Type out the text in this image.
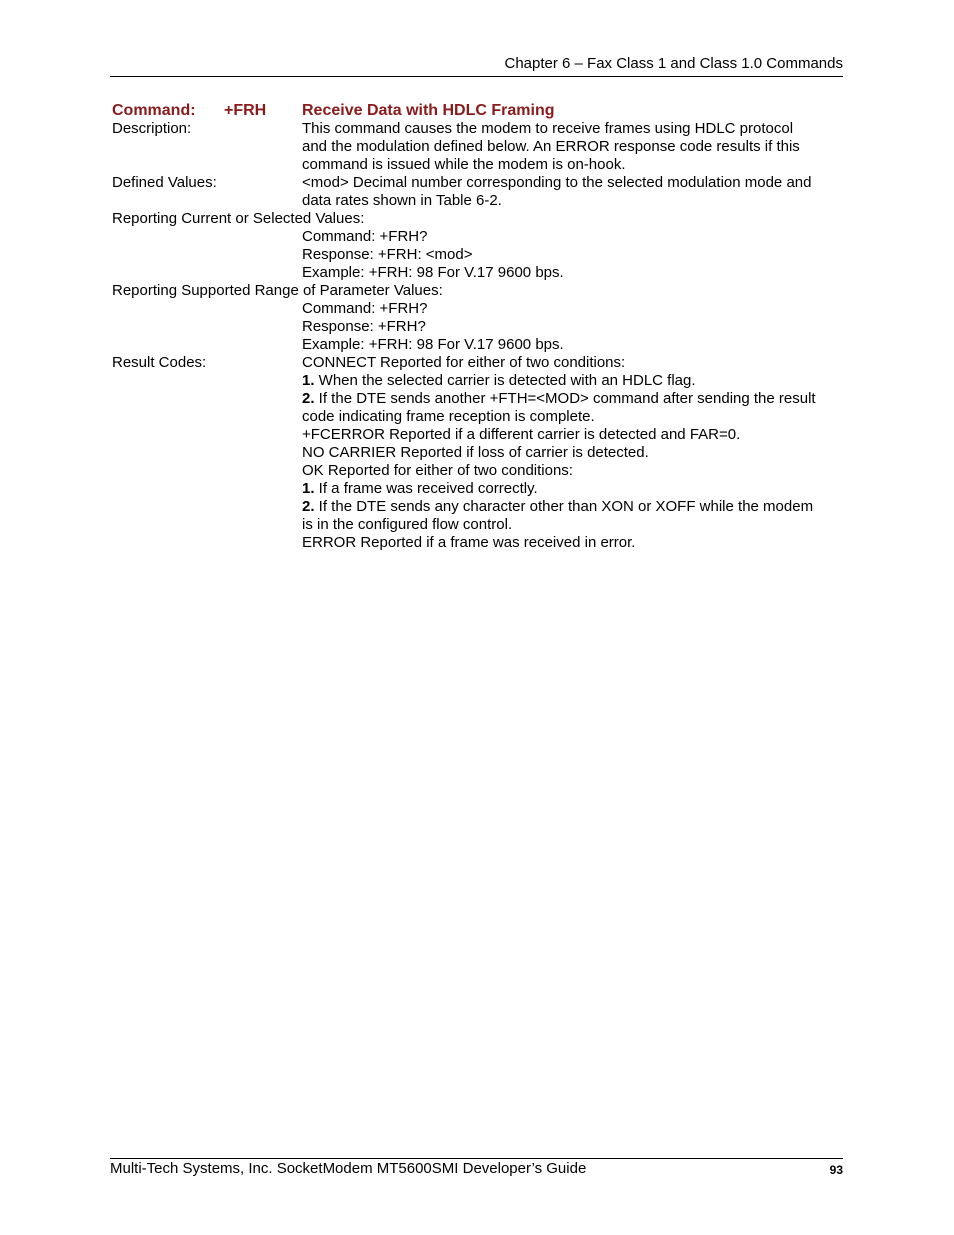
Chapter 6 – Fax Class 1 and Class 1.0 Commands
Command: +FRH Receive Data with HDLC Framing
Description:	This command causes the modem to receive frames using HDLC protocol
and the modulation defined below. An ERROR response code results if this
command is issued while the modem is on-hook.
Defined Values:	<mod> Decimal number corresponding to the selected modulation mode and
data rates shown in Table 6-2.
Reporting Current or Selected Values:
Command: +FRH?
Response: +FRH: <mod>
Example: +FRH: 98 For V.17 9600 bps.
Reporting Supported Range of Parameter Values:
Command: +FRH?
Response: +FRH?
Example: +FRH: 98 For V.17 9600 bps.
Result Codes:	CONNECT Reported for either of two conditions:
1. When the selected carrier is detected with an HDLC flag.
2. If the DTE sends another +FTH=<MOD> command after sending the result
code indicating frame reception is complete.
+FCERROR Reported if a different carrier is detected and FAR=0.
NO CARRIER Reported if loss of carrier is detected.
OK Reported for either of two conditions:
1. If a frame was received correctly.
2. If the DTE sends any character other than XON or XOFF while the modem
is in the configured flow control.
ERROR Reported if a frame was received in error.
Multi-Tech Systems, Inc. SocketModem MT5600SMI Developer’s Guide	93
